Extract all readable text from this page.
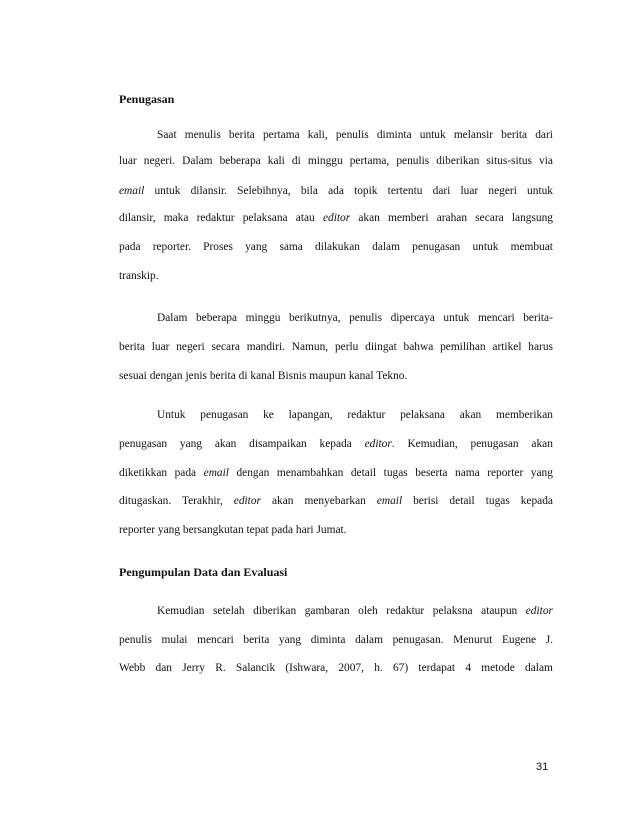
Penugasan
Saat menulis berita pertama kali, penulis diminta untuk melansir berita dari
luar negeri. Dalam beberapa kali di minggu pertama, penulis diberikan situs-situs via
email untuk dilansir. Selebihnya, bila ada topik tertentu dari luar negeri untuk
dilansir, maka redaktur pelaksana atau editor akan memberi arahan secara langsung
pada reporter. Proses yang sama dilakukan dalam penugasan untuk membuat
transkip.
Dalam beberapa minggu berikutnya, penulis dipercaya untuk mencari berita-
berita luar negeri secara mandiri. Namun, perlu diingat bahwa pemilihan artikel harus
sesuai dengan jenis berita di kanal Bisnis maupun kanal Tekno.
Untuk penugasan ke lapangan, redaktur pelaksana akan memberikan
penugasan yang akan disampaikan kepada editor. Kemudian, penugasan akan
diketikkan pada email dengan menambahkan detail tugas beserta nama reporter yang
ditugaskan. Terakhir, editor akan menyebarkan email berisi detail tugas kepada
reporter yang bersangkutan tepat pada hari Jumat.
Pengumpulan Data dan Evaluasi
Kemudian setelah diberikan gambaran oleh redaktur pelaksna ataupun editor
penulis mulai mencari berita yang diminta dalam penugasan. Menurut Eugene J.
Webb dan Jerry R. Salancik (Ishwara, 2007, h. 67) terdapat 4 metode dalam
31
